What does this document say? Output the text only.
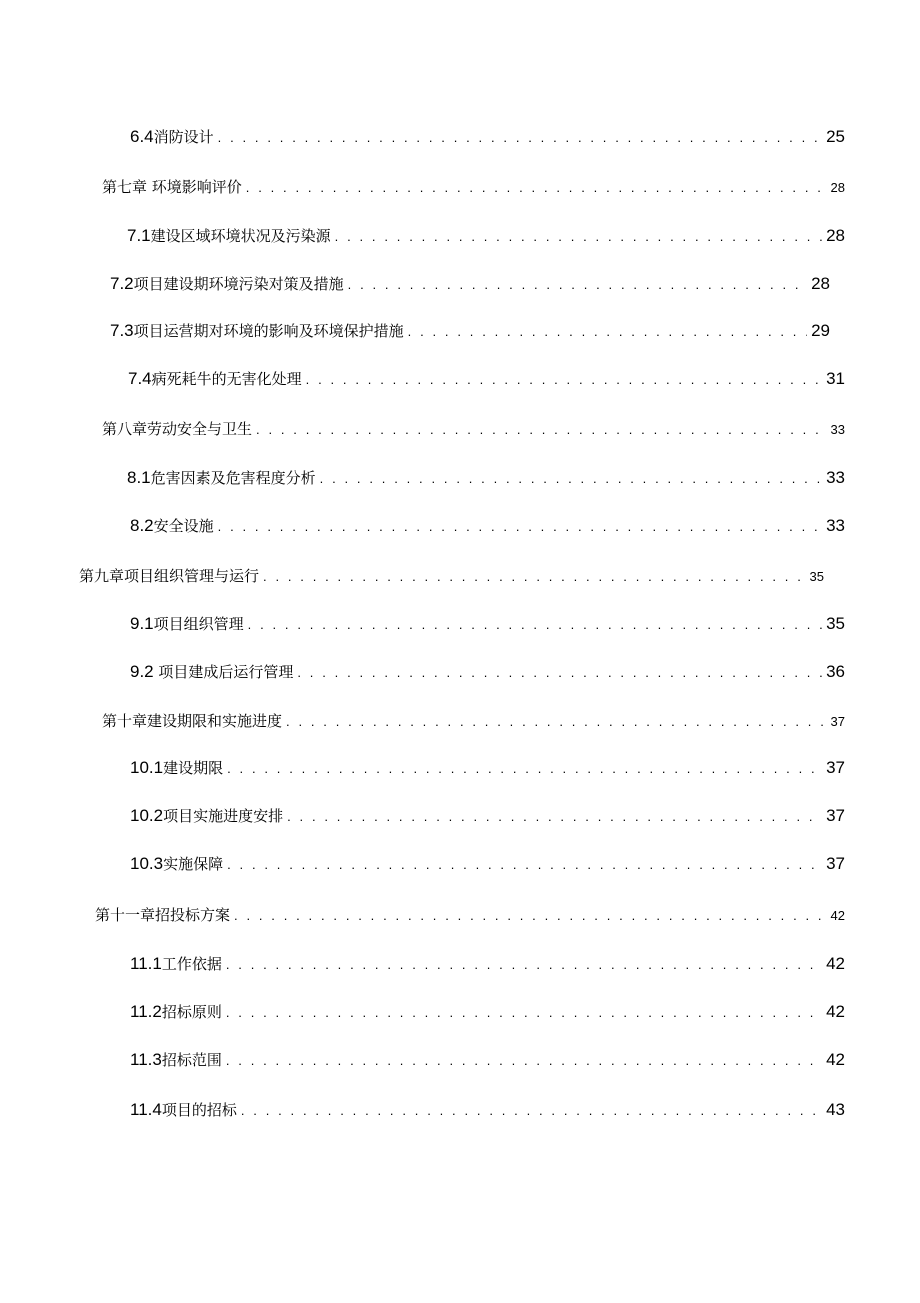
6.4 消防设计 . . .	25
第七章 环境影响评价 . . .	28
7.1 建设区域环境状况及污染源 . . .	28
7.2 项目建设期环境污染对策及措施 . . .	28
7.3 项目运营期对环境的影响及环境保护措施 . . .	29
7.4 病死耗牛的无害化处理 . . .	31
第八章劳动安全与卫生 . . .	33
8.1 危害因素及危害程度分析 . . .	33
8.2 安全设施 . . .	33
第九章项目组织管理与运行 . . .	35
9.1 项目组织管理 . . .	35
9.2 项目建成后运行管理 . . .	36
第十章建设期限和实施进度 . . .	37
10.1 建设期限 . . .	37
10.2 项目实施进度安排 . . .	37
10.3 实施保障 . . .	37
第十一章招投标方案 . . .	42
11.1 工作依据 . . .	42
11.2 招标原则 . . .	42
11.3 招标范围 . . .	42
11.4 项目的招标 . . .	43
